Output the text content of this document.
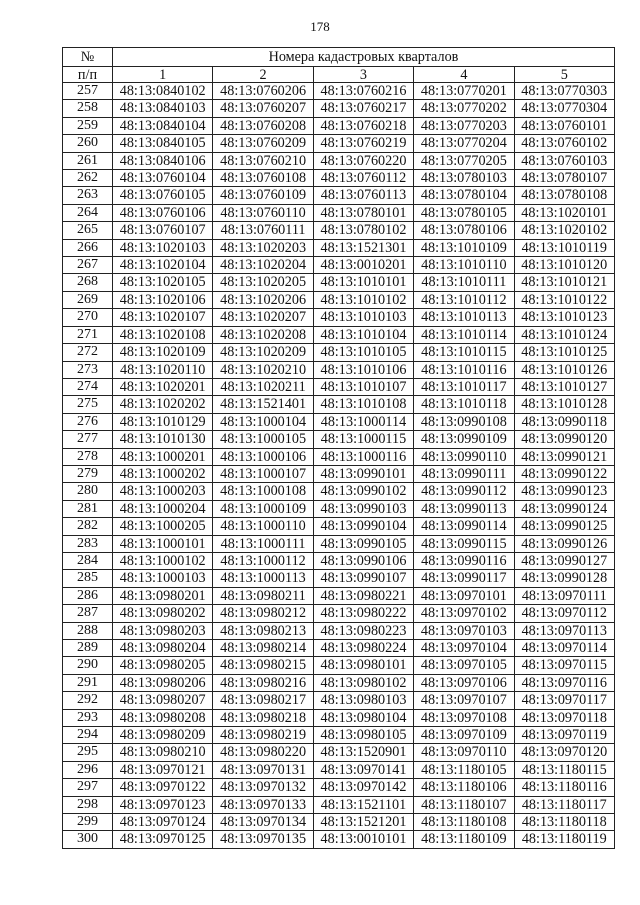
178
№	Номера кадастровых кварталов				
п/п	1	2	3	4	5
257	48:13:0840102	48:13:0760206	48:13:0760216	48:13:0770201	48:13:0770303
258	48:13:0840103	48:13:0760207	48:13:0760217	48:13:0770202	48:13:0770304
259	48:13:0840104	48:13:0760208	48:13:0760218	48:13:0770203	48:13:0760101
260	48:13:0840105	48:13:0760209	48:13:0760219	48:13:0770204	48:13:0760102
261	48:13:0840106	48:13:0760210	48:13:0760220	48:13:0770205	48:13:0760103
262	48:13:0760104	48:13:0760108	48:13:0760112	48:13:0780103	48:13:0780107
263	48:13:0760105	48:13:0760109	48:13:0760113	48:13:0780104	48:13:0780108
264	48:13:0760106	48:13:0760110	48:13:0780101	48:13:0780105	48:13:1020101
265	48:13:0760107	48:13:0760111	48:13:0780102	48:13:0780106	48:13:1020102
266	48:13:1020103	48:13:1020203	48:13:1521301	48:13:1010109	48:13:1010119
267	48:13:1020104	48:13:1020204	48:13:0010201	48:13:1010110	48:13:1010120
268	48:13:1020105	48:13:1020205	48:13:1010101	48:13:1010111	48:13:1010121
269	48:13:1020106	48:13:1020206	48:13:1010102	48:13:1010112	48:13:1010122
270	48:13:1020107	48:13:1020207	48:13:1010103	48:13:1010113	48:13:1010123
271	48:13:1020108	48:13:1020208	48:13:1010104	48:13:1010114	48:13:1010124
272	48:13:1020109	48:13:1020209	48:13:1010105	48:13:1010115	48:13:1010125
273	48:13:1020110	48:13:1020210	48:13:1010106	48:13:1010116	48:13:1010126
274	48:13:1020201	48:13:1020211	48:13:1010107	48:13:1010117	48:13:1010127
275	48:13:1020202	48:13:1521401	48:13:1010108	48:13:1010118	48:13:1010128
276	48:13:1010129	48:13:1000104	48:13:1000114	48:13:0990108	48:13:0990118
277	48:13:1010130	48:13:1000105	48:13:1000115	48:13:0990109	48:13:0990120
278	48:13:1000201	48:13:1000106	48:13:1000116	48:13:0990110	48:13:0990121
279	48:13:1000202	48:13:1000107	48:13:0990101	48:13:0990111	48:13:0990122
280	48:13:1000203	48:13:1000108	48:13:0990102	48:13:0990112	48:13:0990123
281	48:13:1000204	48:13:1000109	48:13:0990103	48:13:0990113	48:13:0990124
282	48:13:1000205	48:13:1000110	48:13:0990104	48:13:0990114	48:13:0990125
283	48:13:1000101	48:13:1000111	48:13:0990105	48:13:0990115	48:13:0990126
284	48:13:1000102	48:13:1000112	48:13:0990106	48:13:0990116	48:13:0990127
285	48:13:1000103	48:13:1000113	48:13:0990107	48:13:0990117	48:13:0990128
286	48:13:0980201	48:13:0980211	48:13:0980221	48:13:0970101	48:13:0970111
287	48:13:0980202	48:13:0980212	48:13:0980222	48:13:0970102	48:13:0970112
288	48:13:0980203	48:13:0980213	48:13:0980223	48:13:0970103	48:13:0970113
289	48:13:0980204	48:13:0980214	48:13:0980224	48:13:0970104	48:13:0970114
290	48:13:0980205	48:13:0980215	48:13:0980101	48:13:0970105	48:13:0970115
291	48:13:0980206	48:13:0980216	48:13:0980102	48:13:0970106	48:13:0970116
292	48:13:0980207	48:13:0980217	48:13:0980103	48:13:0970107	48:13:0970117
293	48:13:0980208	48:13:0980218	48:13:0980104	48:13:0970108	48:13:0970118
294	48:13:0980209	48:13:0980219	48:13:0980105	48:13:0970109	48:13:0970119
295	48:13:0980210	48:13:0980220	48:13:1520901	48:13:0970110	48:13:0970120
296	48:13:0970121	48:13:0970131	48:13:0970141	48:13:1180105	48:13:1180115
297	48:13:0970122	48:13:0970132	48:13:0970142	48:13:1180106	48:13:1180116
298	48:13:0970123	48:13:0970133	48:13:1521101	48:13:1180107	48:13:1180117
299	48:13:0970124	48:13:0970134	48:13:1521201	48:13:1180108	48:13:1180118
300	48:13:0970125	48:13:0970135	48:13:0010101	48:13:1180109	48:13:1180119
